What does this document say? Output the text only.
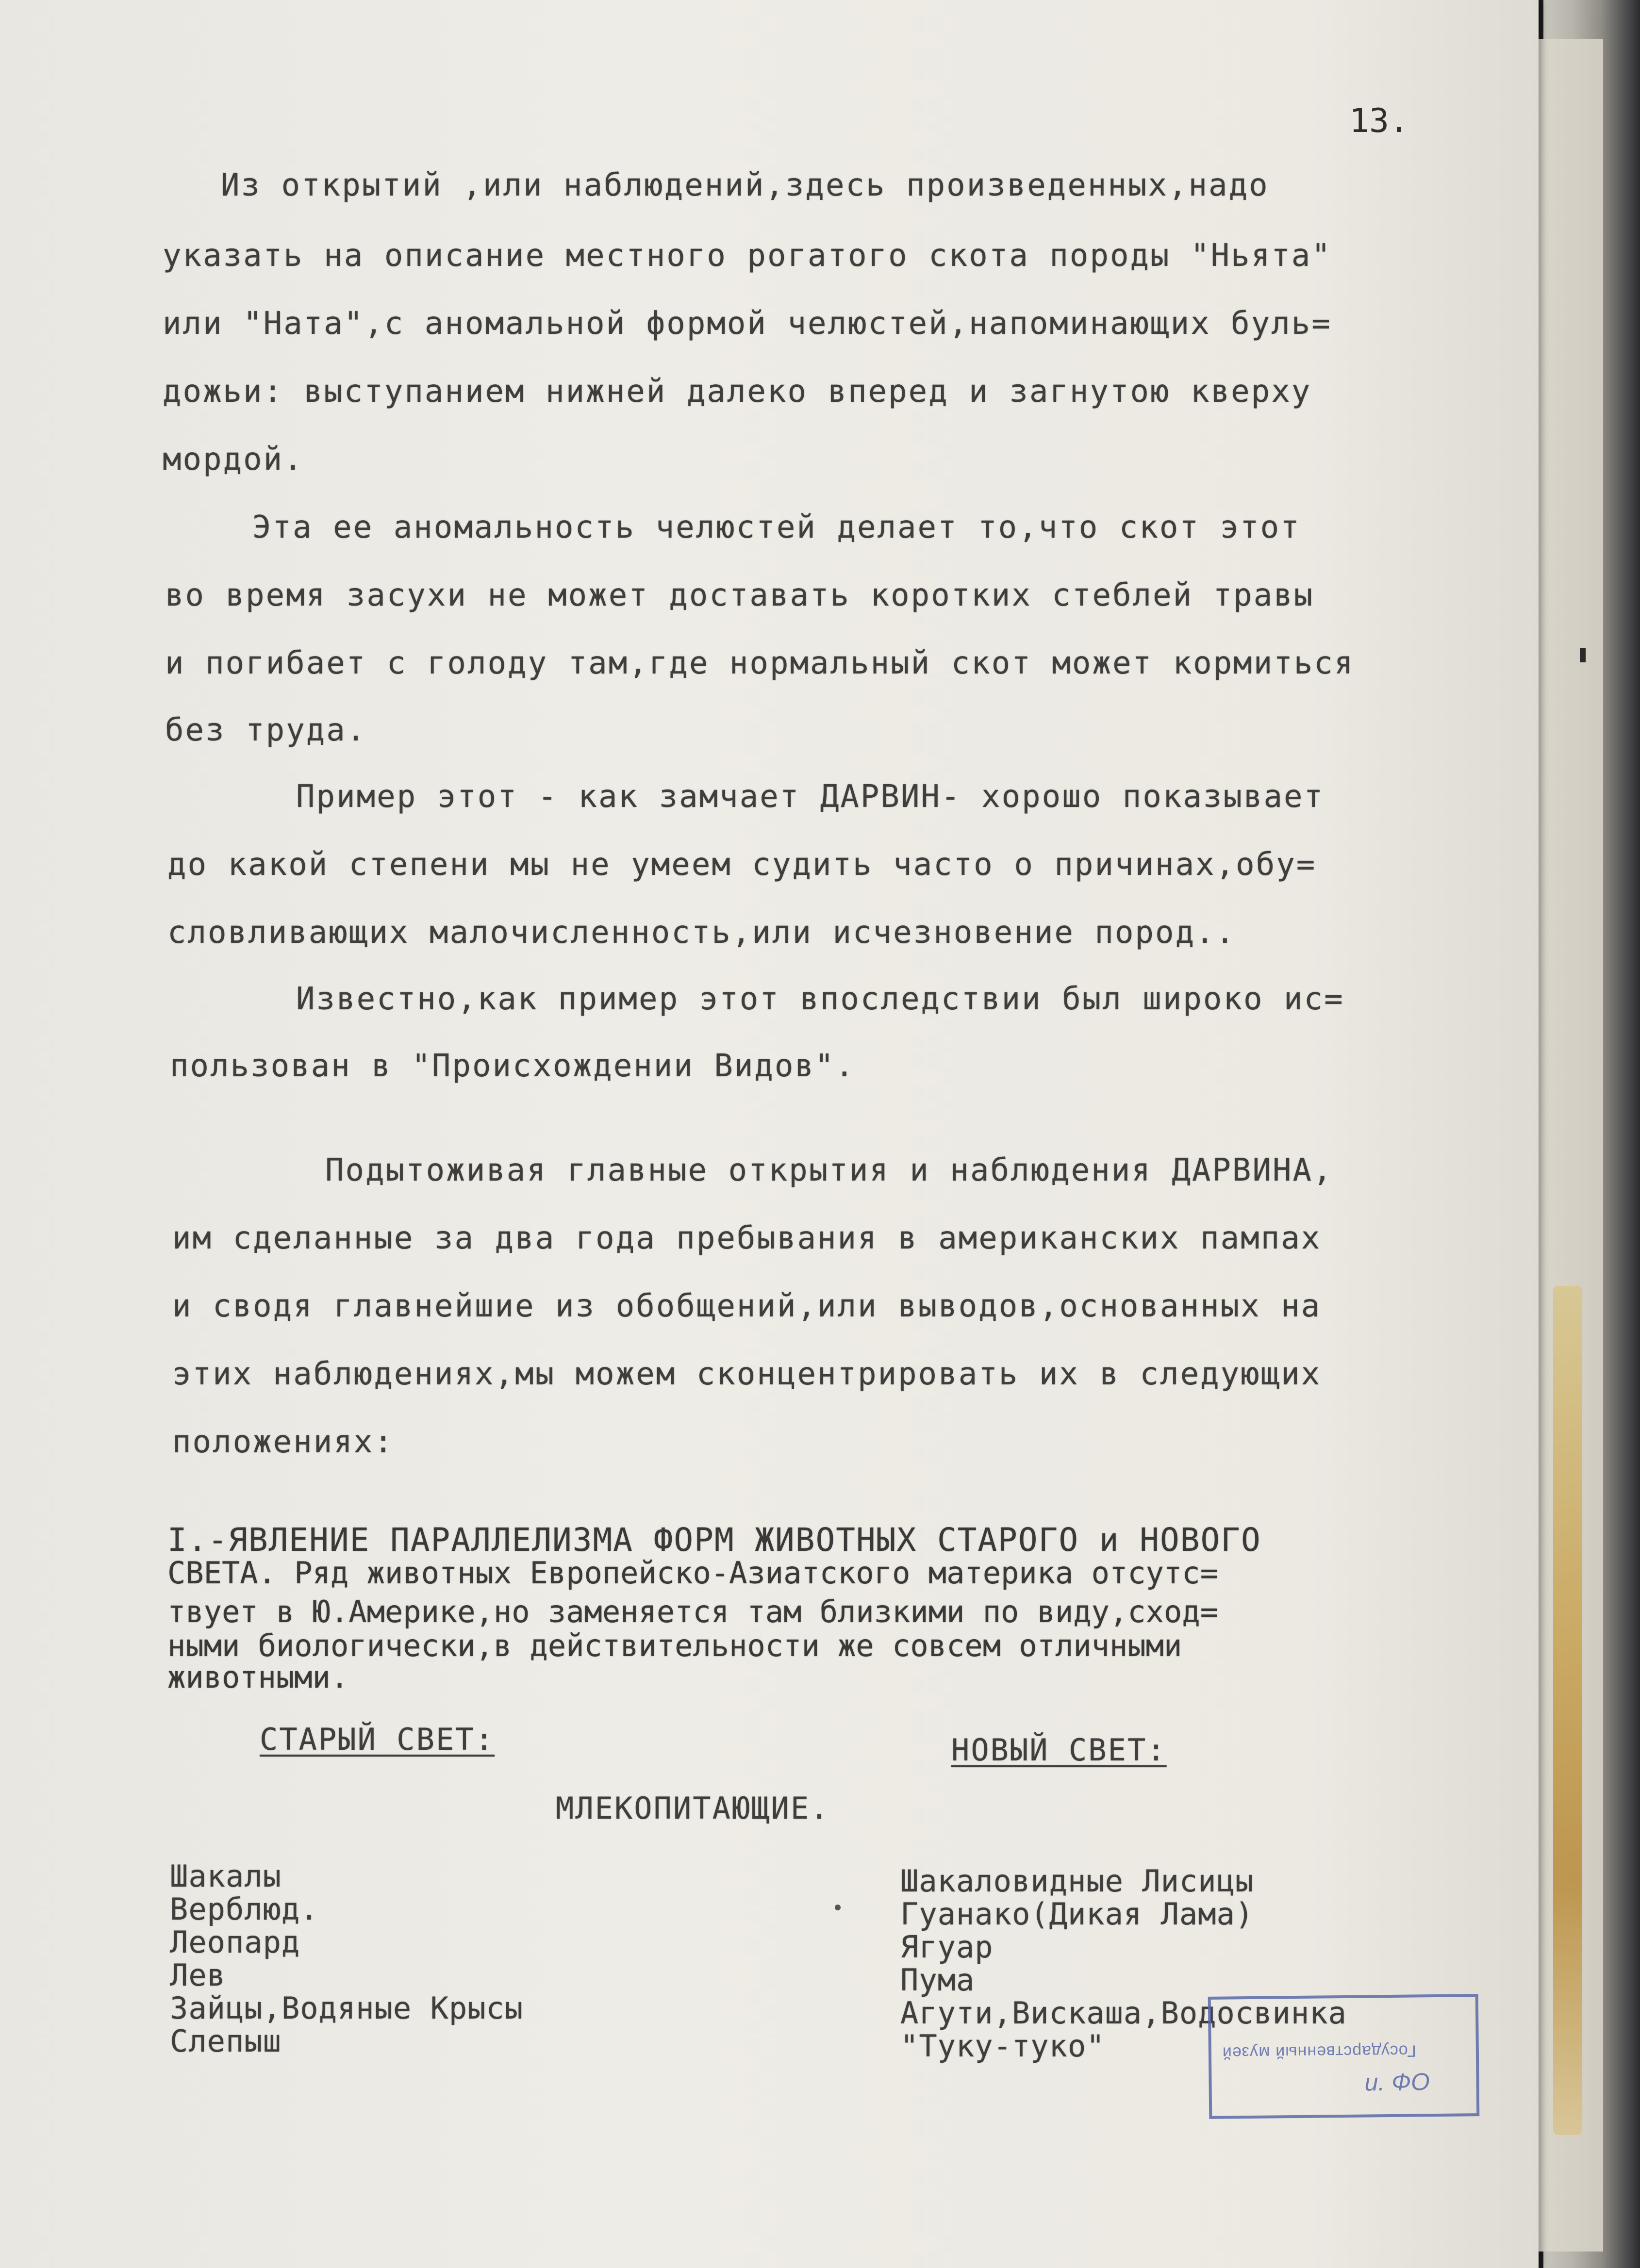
13.
Из открытий ,или наблюдений,здесь произведенных,надо
указать на описание местного рогатого скота породы "Ньята"
или "Ната",с аномальной формой челюстей,напоминающих буль=
дожьи: выступанием нижней далеко вперед и загнутою кверху
мордой.
Эта ее аномальность челюстей делает то,что скот этот
во время засухи не может доставать коротких стеблей травы
и погибает с голоду там,где нормальный скот может кормиться
без труда.
Пример этот - как замчает ДАРВИН- хорошо показывает
до какой степени мы не умеем судить часто о причинах,обу=
словливающих малочисленность,или исчезновение пород..
Известно,как пример этот впоследствии был широко ис=
пользован в "Происхождении Видов".
Подытоживая главные открытия и наблюдения ДАРВИНА,
им сделанные за два года пребывания в американских пампах
и сводя главнейшие из обобщений,или выводов,основанных на
этих наблюдениях,мы можем сконцентрировать их в следующих
положениях:
I.-ЯВЛЕНИЕ ПАРАЛЛЕЛИЗМА ФОРМ ЖИВОТНЫХ СТАРОГО и НОВОГО
СВЕТА. Ряд животных Европейско-Азиатского материка отсутс=
твует в Ю.Америке,но заменяется там близкими по виду,сход=
ными биологически,в действительности же совсем отличными
животными.
СТАРЫЙ СВЕТ:	НОВЫЙ СВЕТ:
МЛЕКОПИТАЮЩИЕ.
Шакалы
Верблюд.
Леопард
Лев
Зайцы,Водяные Крысы
Слепыш
Шакаловидные Лисицы
Гуанако(Дикая Лама)
Ягуар
Пума
Агути,Вискаша,Водосвинка
"Туку-туко"	Государственный музей
и. ФО
